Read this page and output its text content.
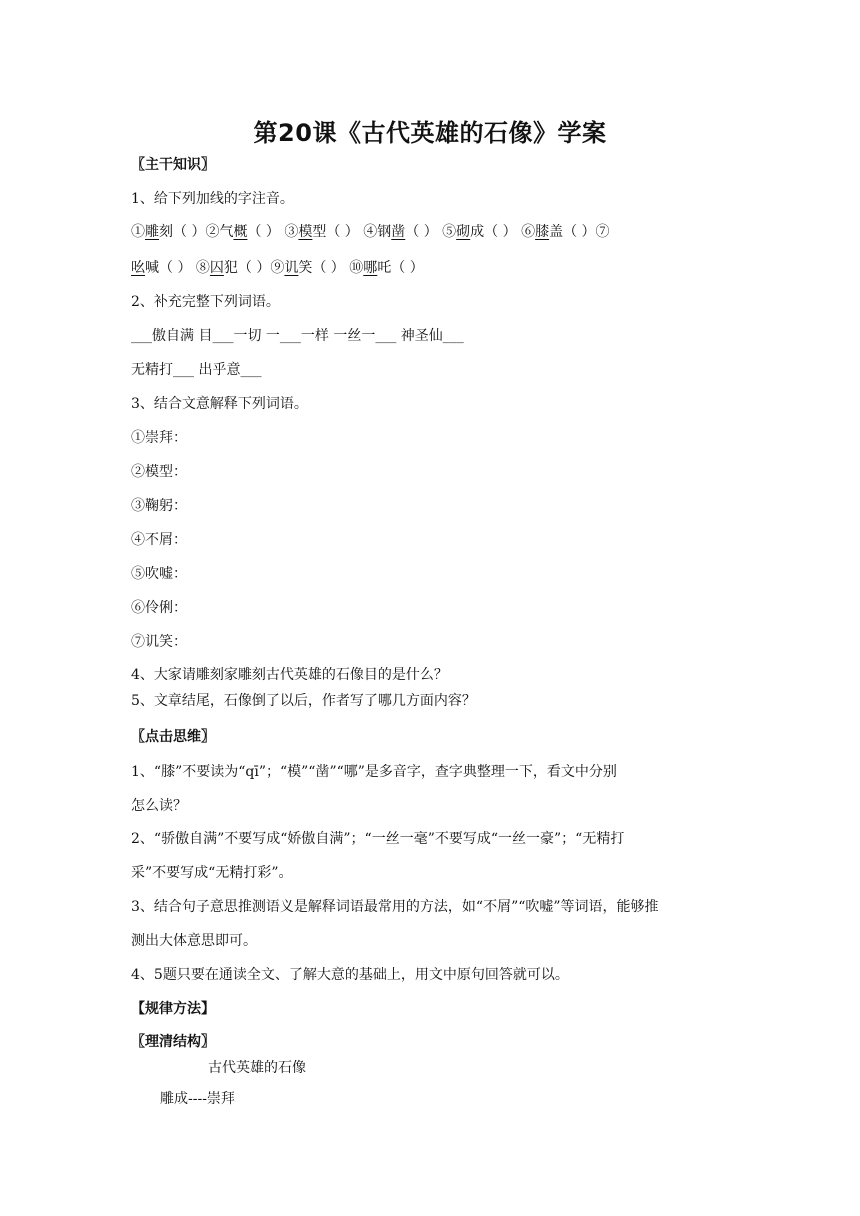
第20课《古代英雄的石像》学案
〖主干知识〗
1、给下列加线的字注音。
①雕刻（ ）②气概（ ） ③模型（ ） ④钢凿（ ） ⑤砌成（ ） ⑥膝盖（ ）⑦
吆喊（ ） ⑧囚犯（ ）⑨讥笑（ ） ⑩哪吒（ ）
2、补充完整下列词语。
___傲自满 目___一切 一___一样 一丝一___ 神圣仙___
无精打___ 出乎意___
3、结合文意解释下列词语。
①崇拜：
②模型：
③鞠躬：
④不屑：
⑤吹嘘：
⑥伶俐：
⑦讥笑：
4、大家请雕刻家雕刻古代英雄的石像目的是什么？
5、文章结尾，石像倒了以后，作者写了哪几方面内容？
〖点击思维〗
1、“膝”不要读为“qī”；“模”“凿”“哪”是多音字，查字典整理一下，看文中分别
怎么读？
2、“骄傲自满”不要写成“娇傲自满”；“一丝一毫”不要写成“一丝一豪”；“无精打
采”不要写成“无精打彩”。
3、结合句子意思推测语义是解释词语最常用的方法，如“不屑”“吹嘘”等词语，能够推
测出大体意思即可。
4、5题只要在通读全文、了解大意的基础上，用文中原句回答就可以。
【规律方法】
〖理清结构〗
古代英雄的石像
雕成----崇拜
